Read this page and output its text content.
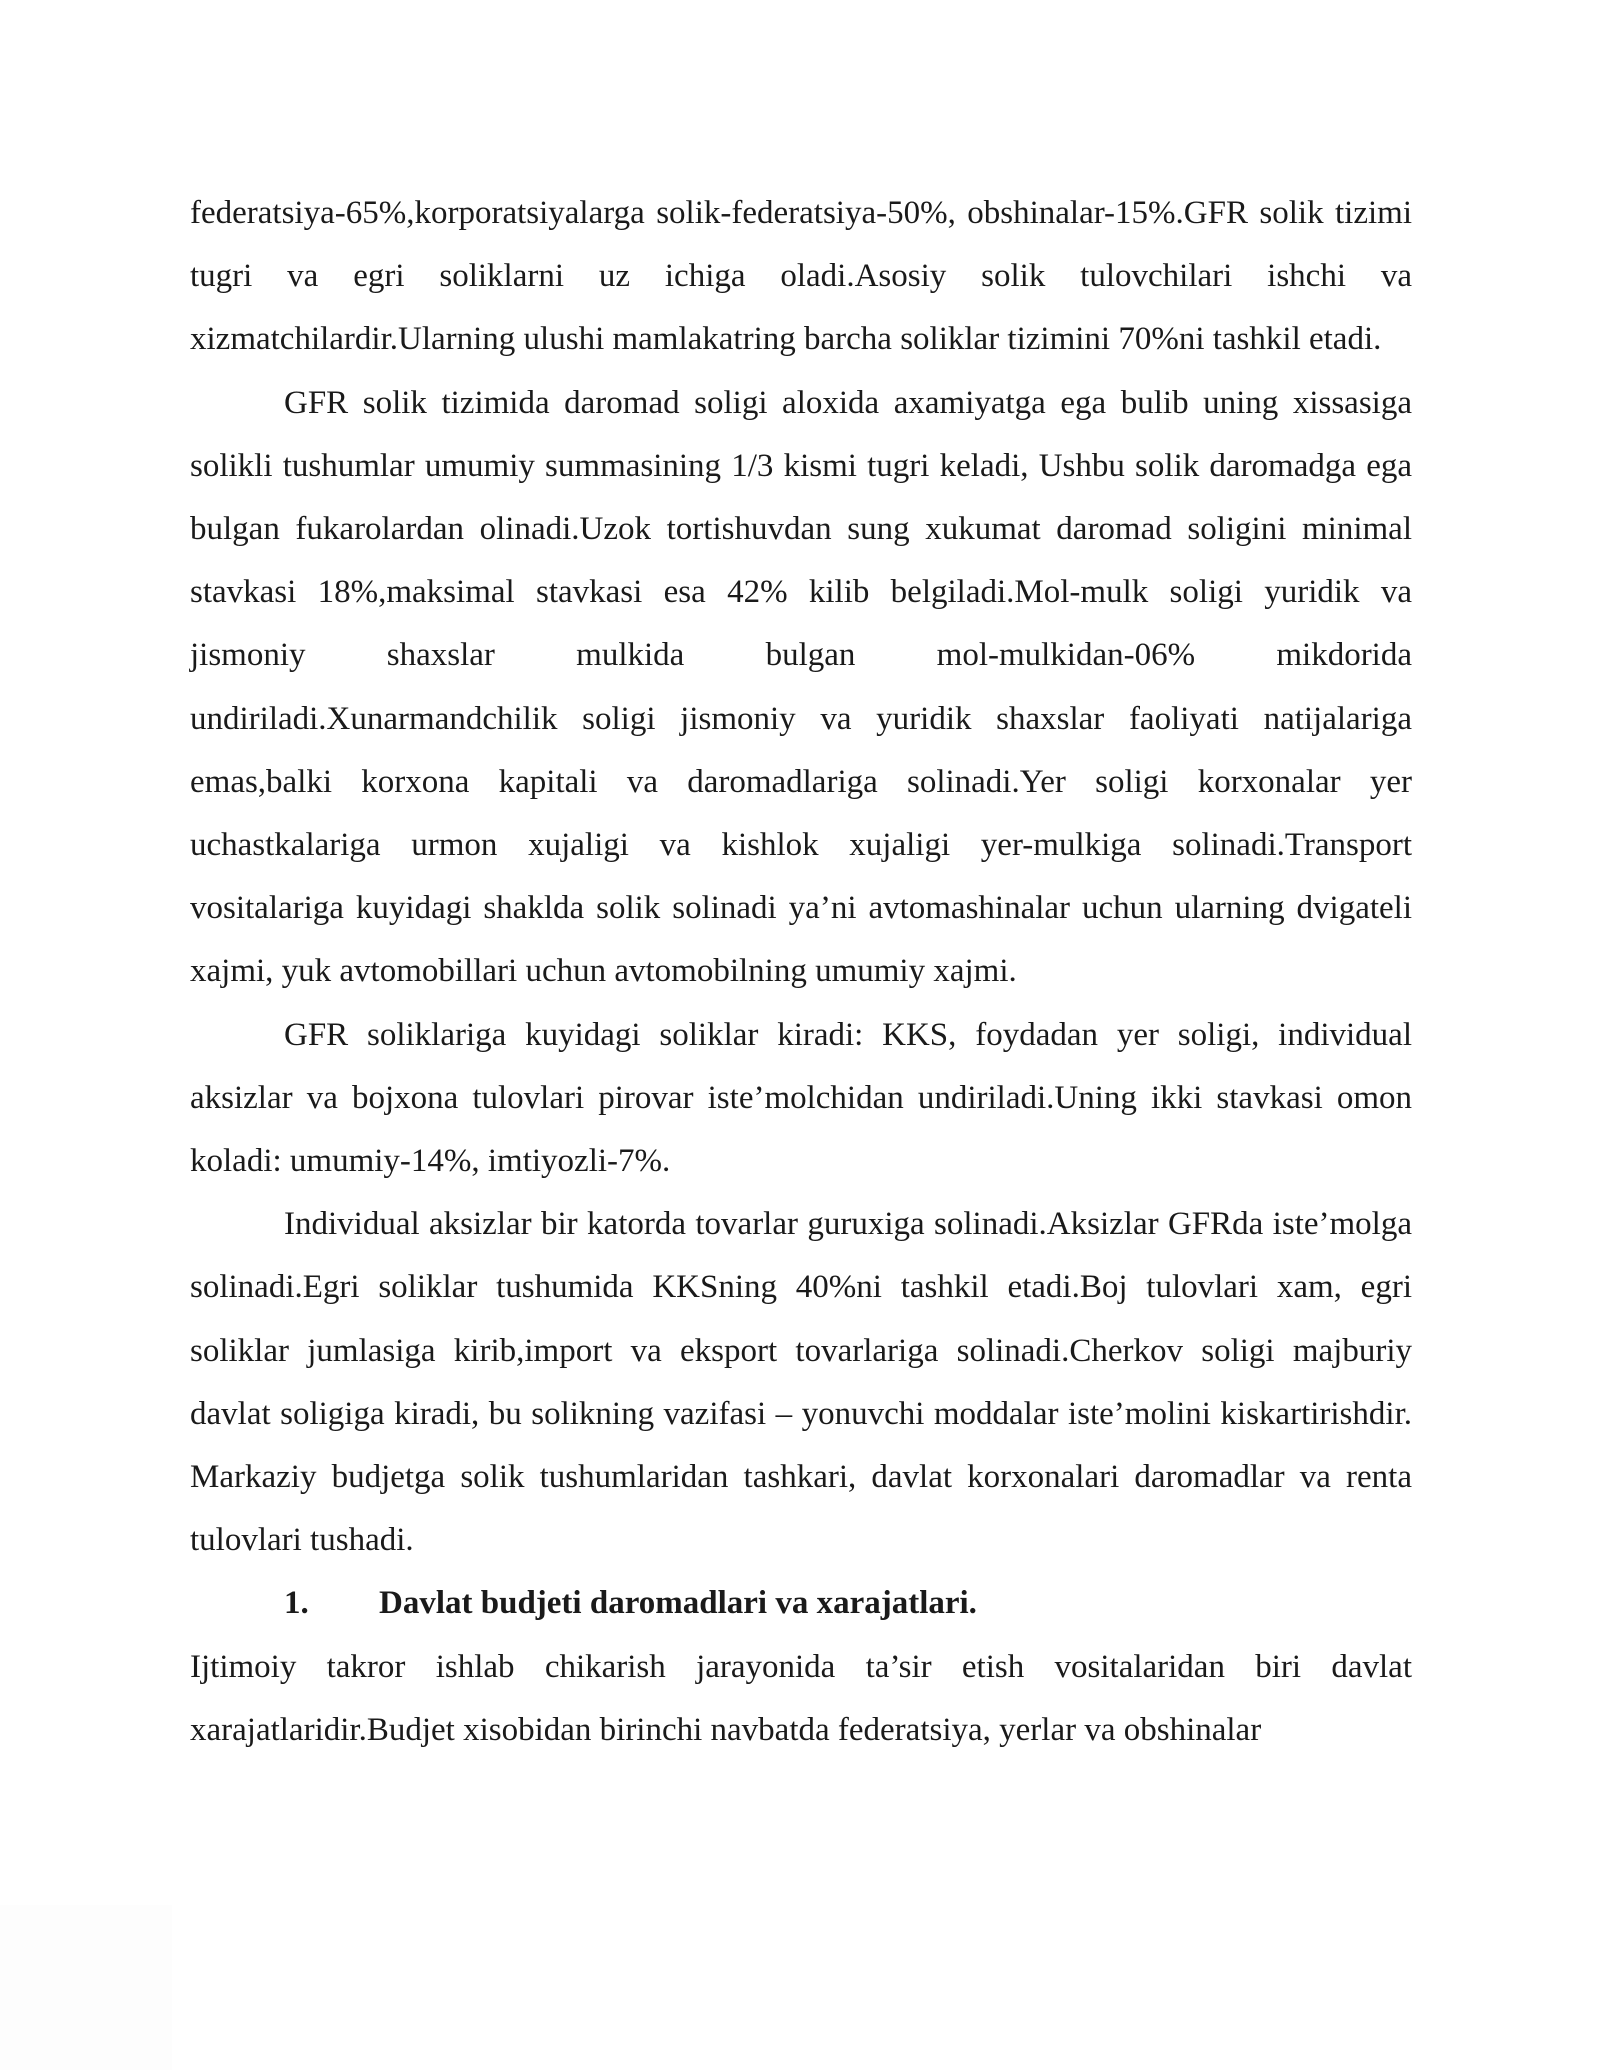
federatsiya-65%,korporatsiyalarga solik-federatsiya-50%, obshinalar-15%.GFR solik tizimi tugri va egri soliklarni uz ichiga oladi.Asosiy solik tulovchilari ishchi va xizmatchilardir.Ularning ulushi mamlakatring barcha soliklar tizimini 70%ni tashkil etadi.

GFR solik tizimida daromad soligi aloxida axamiyatga ega bulib uning xissasiga solikli tushumlar umumiy summasining 1/3 kismi tugri keladi, Ushbu solik daromadga ega bulgan fukarolardan olinadi.Uzok tortishuvdan sung xukumat daromad soligini minimal stavkasi 18%,maksimal stavkasi esa 42% kilib belgiladi.Mol-mulk soligi yuridik va jismoniy shaxslar mulkida bulgan mol-mulkidan-06% mikdorida undiriladi.Xunarmandchilik soligi jismoniy va yuridik shaxslar faoliyati natijalariga emas,balki korxona kapitali va daromadlariga solinadi.Yer soligi korxonalar yer uchastkalariga urmon xujaligi va kishlok xujaligi yer-mulkiga solinadi.Transport vositalariga kuyidagi shaklda solik solinadi ya’ni avtomashinalar uchun ularning dvigateli xajmi, yuk avtomobillari uchun avtomobilning umumiy xajmi.

GFR soliklariga kuyidagi soliklar kiradi: KKS, foydadan yer soligi, individual aksizlar va bojxona tulovlari pirovar iste’molchidan undiriladi.Uning ikki stavkasi omon koladi: umumiy-14%, imtiyozli-7%.

Individual aksizlar bir katorda tovarlar guruxiga solinadi.Aksizlar GFRda iste’molga solinadi.Egri soliklar tushumida KKSning 40%ni tashkil etadi.Boj tulovlari xam, egri soliklar jumlasiga kirib,import va eksport tovarlariga solinadi.Cherkov soligi majburiy davlat soligiga kiradi, bu solikning vazifasi – yonuvchi moddalar iste’molini kiskartirishdir. Markaziy budjetga solik tushumlaridan tashkari, davlat korxonalari daromadlar va renta tulovlari tushadi.

1. Davlat budjeti daromadlari va xarajatlari.

Ijtimoiy takror ishlab chikarish jarayonida ta’sir etish vositalaridan biri davlat xarajatlaridir.Budjet xisobidan birinchi navbatda federatsiya, yerlar va obshinalar
